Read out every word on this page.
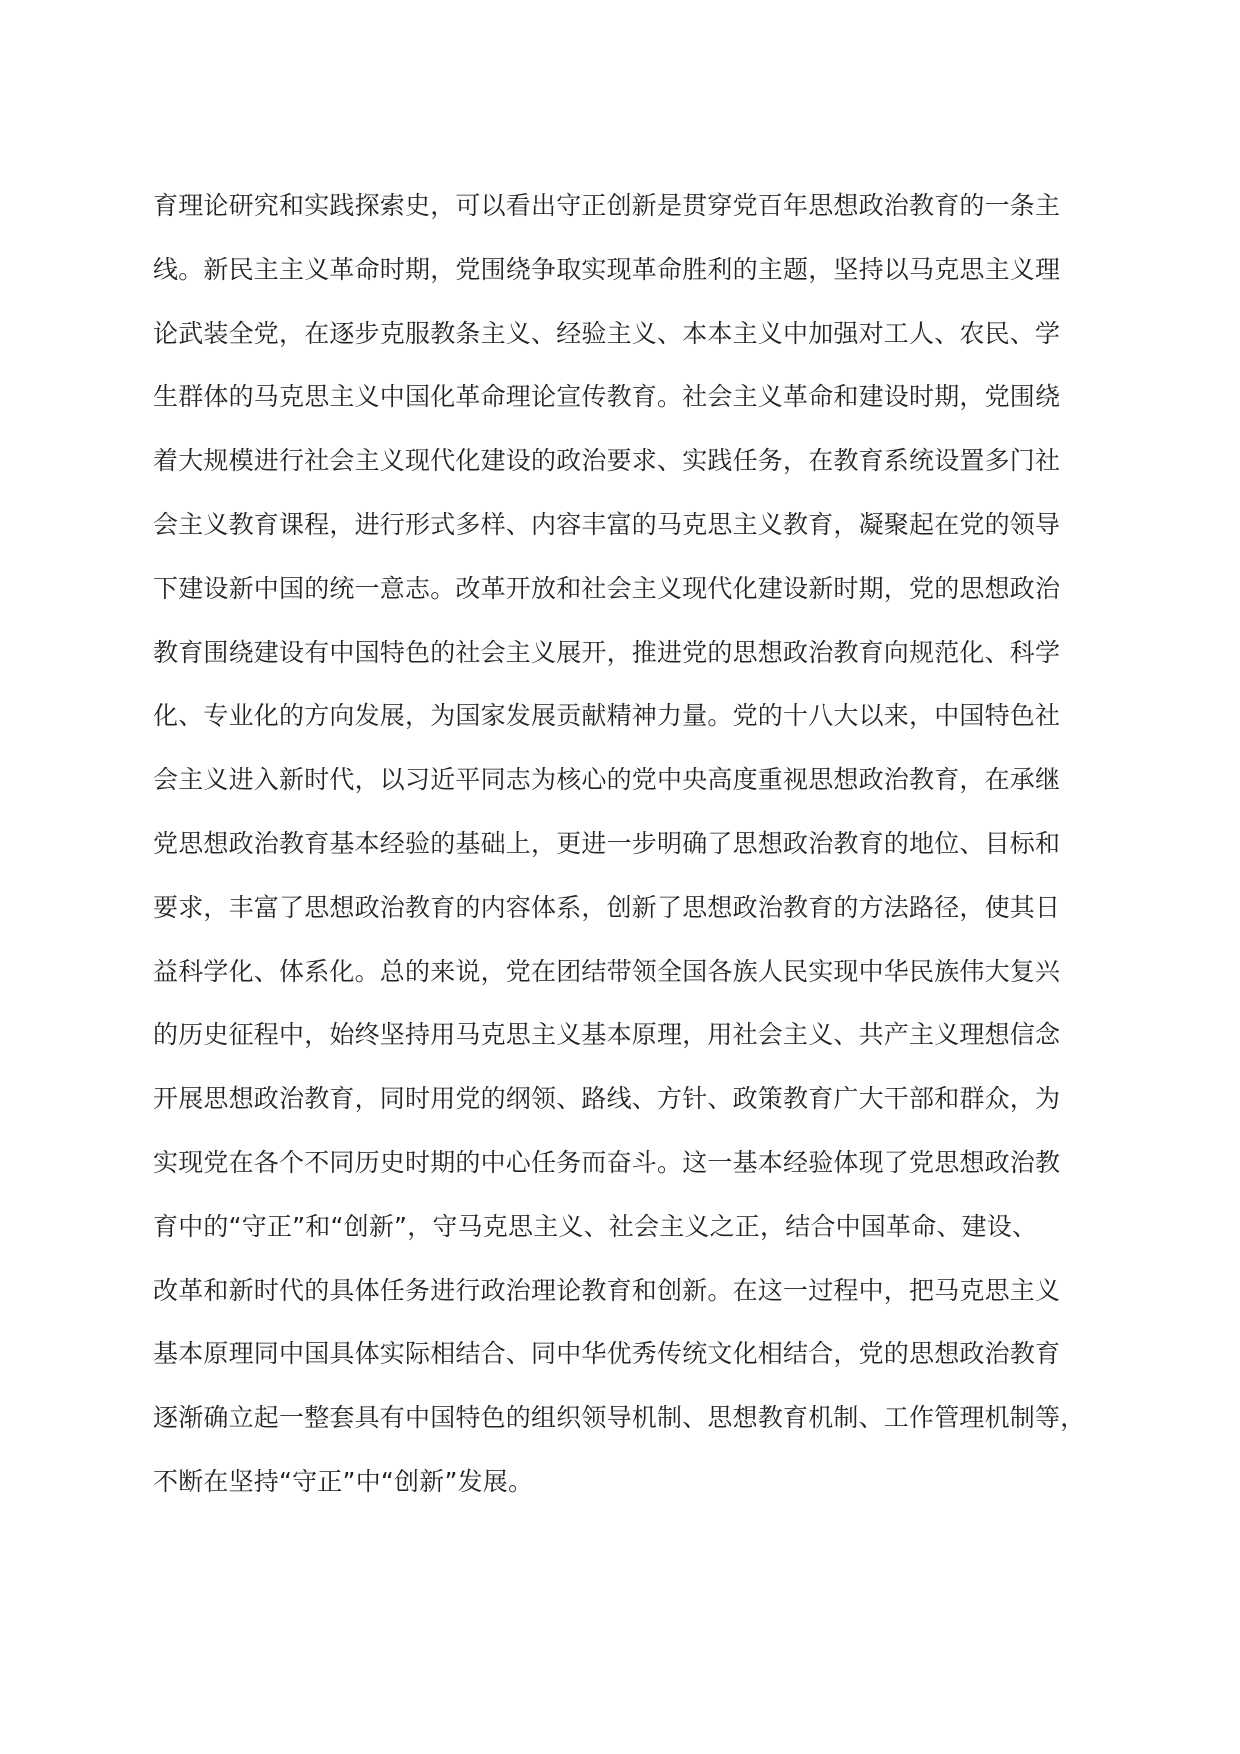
育理论研究和实践探索史，可以看出守正创新是贯穿党百年思想政治教育的一条主
线。新民主主义革命时期，党围绕争取实现革命胜利的主题，坚持以马克思主义理
论武装全党，在逐步克服教条主义、经验主义、本本主义中加强对工人、农民、学
生群体的马克思主义中国化革命理论宣传教育。社会主义革命和建设时期，党围绕
着大规模进行社会主义现代化建设的政治要求、实践任务，在教育系统设置多门社
会主义教育课程，进行形式多样、内容丰富的马克思主义教育，凝聚起在党的领导
下建设新中国的统一意志。改革开放和社会主义现代化建设新时期，党的思想政治
教育围绕建设有中国特色的社会主义展开，推进党的思想政治教育向规范化、科学
化、专业化的方向发展，为国家发展贡献精神力量。党的十八大以来，中国特色社
会主义进入新时代，以习近平同志为核心的党中央高度重视思想政治教育，在承继
党思想政治教育基本经验的基础上，更进一步明确了思想政治教育的地位、目标和
要求，丰富了思想政治教育的内容体系，创新了思想政治教育的方法路径，使其日
益科学化、体系化。总的来说，党在团结带领全国各族人民实现中华民族伟大复兴
的历史征程中，始终坚持用马克思主义基本原理，用社会主义、共产主义理想信念
开展思想政治教育，同时用党的纲领、路线、方针、政策教育广大干部和群众，为
实现党在各个不同历史时期的中心任务而奋斗。这一基本经验体现了党思想政治教
育中的“守正”和“创新”，守马克思主义、社会主义之正，结合中国革命、建设、
改革和新时代的具体任务进行政治理论教育和创新。在这一过程中，把马克思主义
基本原理同中国具体实际相结合、同中华优秀传统文化相结合，党的思想政治教育
逐渐确立起一整套具有中国特色的组织领导机制、思想教育机制、工作管理机制等，
不断在坚持“守正”中“创新”发展。
